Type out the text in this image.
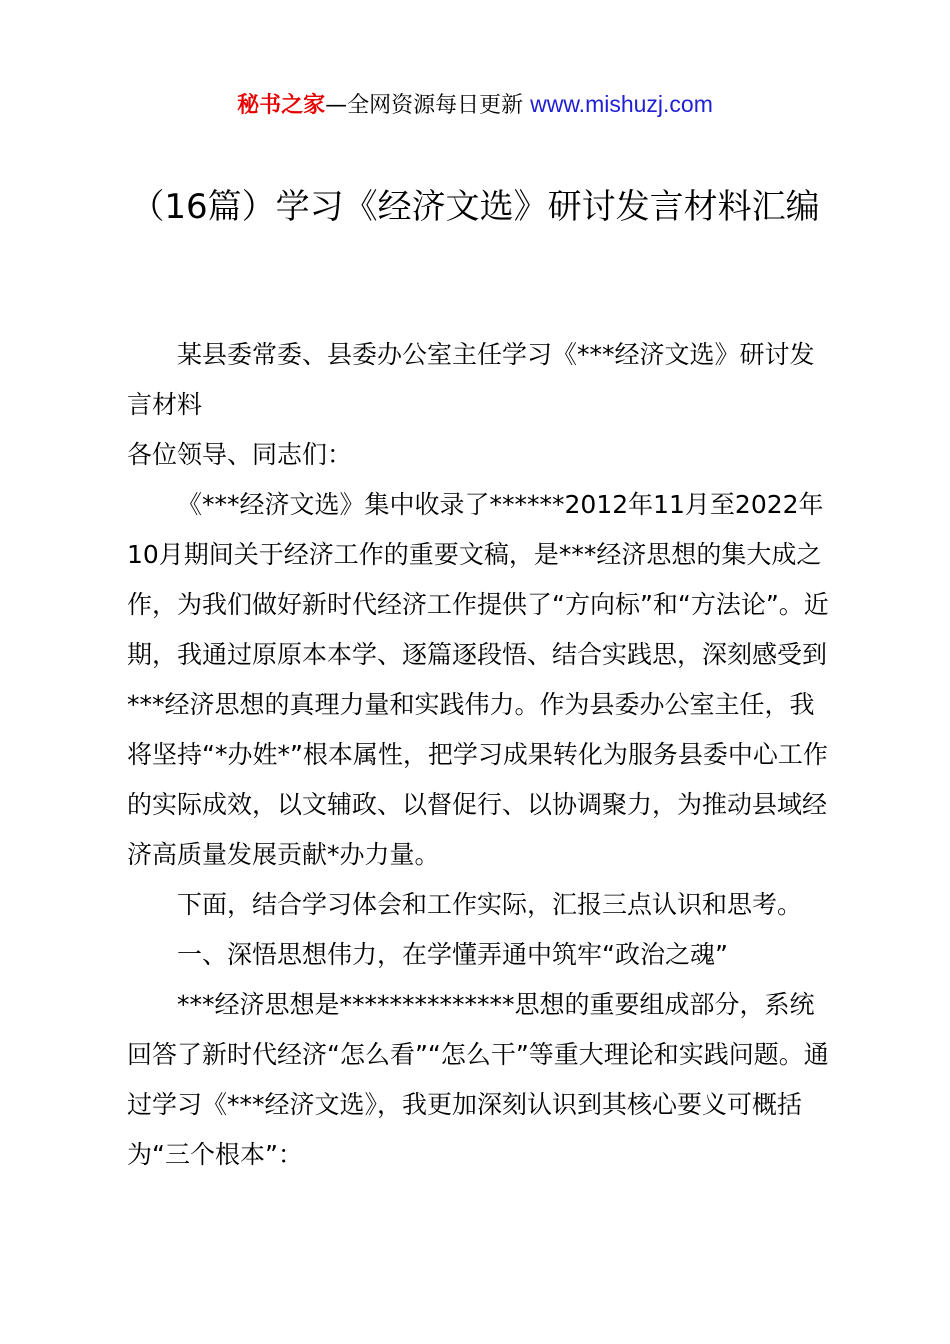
秘书之家—全网资源每日更新 www.mishuzj.com
（16篇）学习《经济文选》研讨发言材料汇编

某县委常委、县委办公室主任学习《***经济文选》研讨发言材料

各位领导、同志们：

《***经济文选》集中收录了******2012年11月至2022年10月期间关于经济工作的重要文稿，是***经济思想的集大成之作，为我们做好新时代经济工作提供了“方向标”和“方法论”。近期，我通过原原本本学、逐篇逐段悟、结合实践思，深刻感受到***经济思想的真理力量和实践伟力。作为县委办公室主任，我将坚持“*办姓*”根本属性，把学习成果转化为服务县委中心工作的实际成效，以文辅政、以督促行、以协调聚力，为推动县域经济高质量发展贡献*办力量。

下面，结合学习体会和工作实际，汇报三点认识和思考。

一、深悟思想伟力，在学懂弄通中筑牢“政治之魂”

***经济思想是**************思想的重要组成部分，系统回答了新时代经济“怎么看”“怎么干”等重大理论和实践问题。通过学习《***经济文选》，我更加深刻认识到其核心要义可概括为“三个根本”：
